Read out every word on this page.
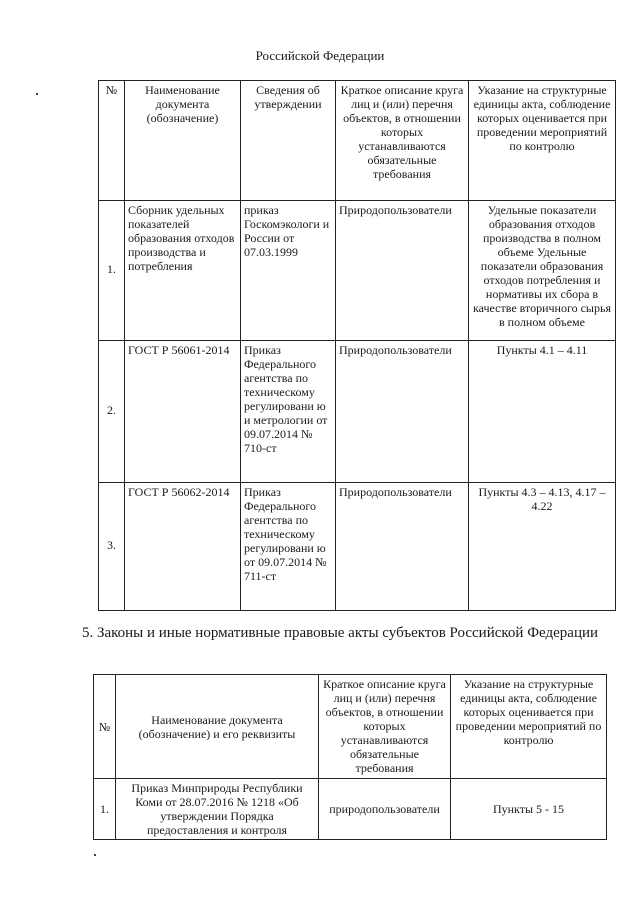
Российской Федерации
№	Наименование документа (обозначение)	Сведения об утверждении	Краткое описание круга лиц и (или) перечня объектов, в отношении которых устанавливаются обязательные требования	Указание на структурные единицы акта, соблюдение которых оценивается при проведении мероприятий по контролю
1.	Сборник удельных показателей образования отходов производства и потребления	приказ Госкомэкологи и России от 07.03.1999	Природопользователи	Удельные показатели образования отходов производства в полном объеме Удельные показатели образования отходов потребления и нормативы их сбора в качестве вторичного сырья в полном объеме
2.	ГОСТ Р 56061-2014	Приказ Федерального агентства по техническому регулировани ю и метрологии от 09.07.2014 № 710-ст	Природопользователи	Пункты 4.1 – 4.11
3.	ГОСТ Р 56062-2014	Приказ Федерального агентства по техническому регулировани ю от 09.07.2014 № 711-ст	Природопользователи	Пункты 4.3 – 4.13, 4.17 – 4.22
5. Законы и иные нормативные правовые акты субъектов Российской Федерации
№	Наименование документа (обозначение) и его реквизиты	Краткое описание круга лиц и (или) перечня объектов, в отношении которых устанавливаются обязательные требования	Указание на структурные единицы акта, соблюдение которых оценивается при проведении мероприятий по контролю
1.	Приказ Минприроды Республики Коми от 28.07.2016 № 1218 «Об утверждении Порядка предоставления и контроля	природопользователи	Пункты 5 - 15
